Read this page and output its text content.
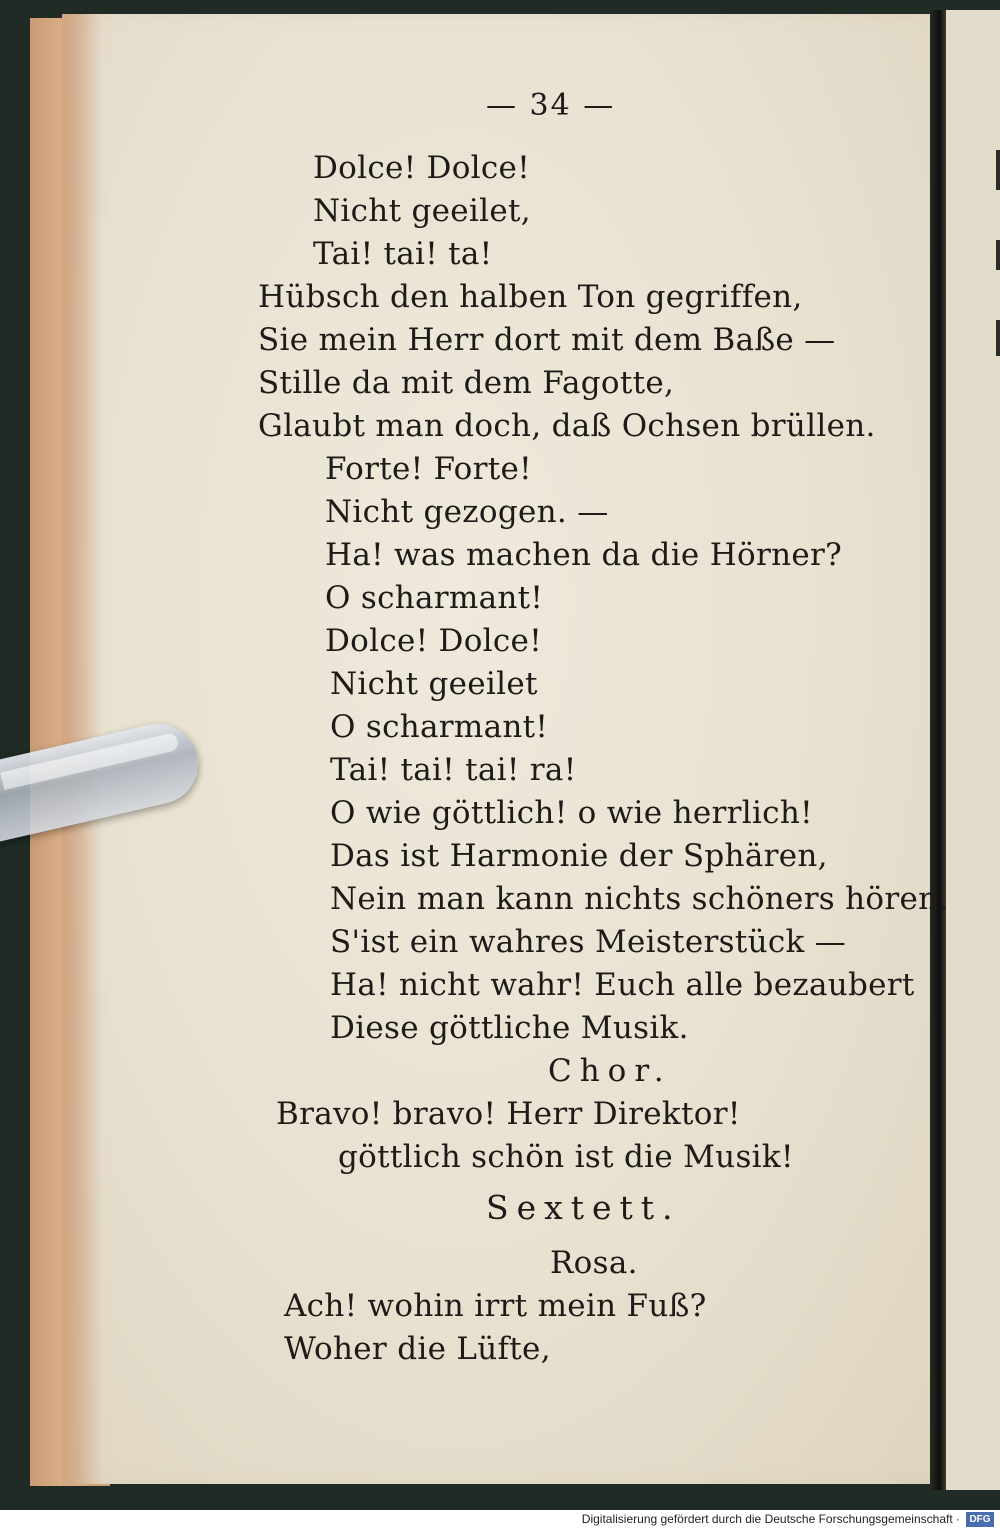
— 34 —
Dolce! Dolce!
Nicht geeilet,
Tai! tai! ta!
Hübsch den halben Ton gegriffen,
Sie mein Herr dort mit dem Baße —
Stille da mit dem Fagotte,
Glaubt man doch, daß Ochsen brüllen.
Forte! Forte!
Nicht gezogen. —
Ha! was machen da die Hörner?
O scharmant!
Dolce! Dolce!
Nicht geeilet
O scharmant!
Tai! tai! tai! ra!
O wie göttlich! o wie herrlich!
Das ist Harmonie der Sphären,
Nein man kann nichts schöners hören.
S'ist ein wahres Meisterstück —
Ha! nicht wahr! Euch alle bezaubert
Diese göttliche Musik.
Chor.
Bravo! bravo! Herr Direktor!
göttlich schön ist die Musik!
Sextett.
Rosa.
Ach! wohin irrt mein Fuß?
Woher die Lüfte,
Digitalisierung gefördert durch die Deutsche Forschungsgemeinschaft · DFG
